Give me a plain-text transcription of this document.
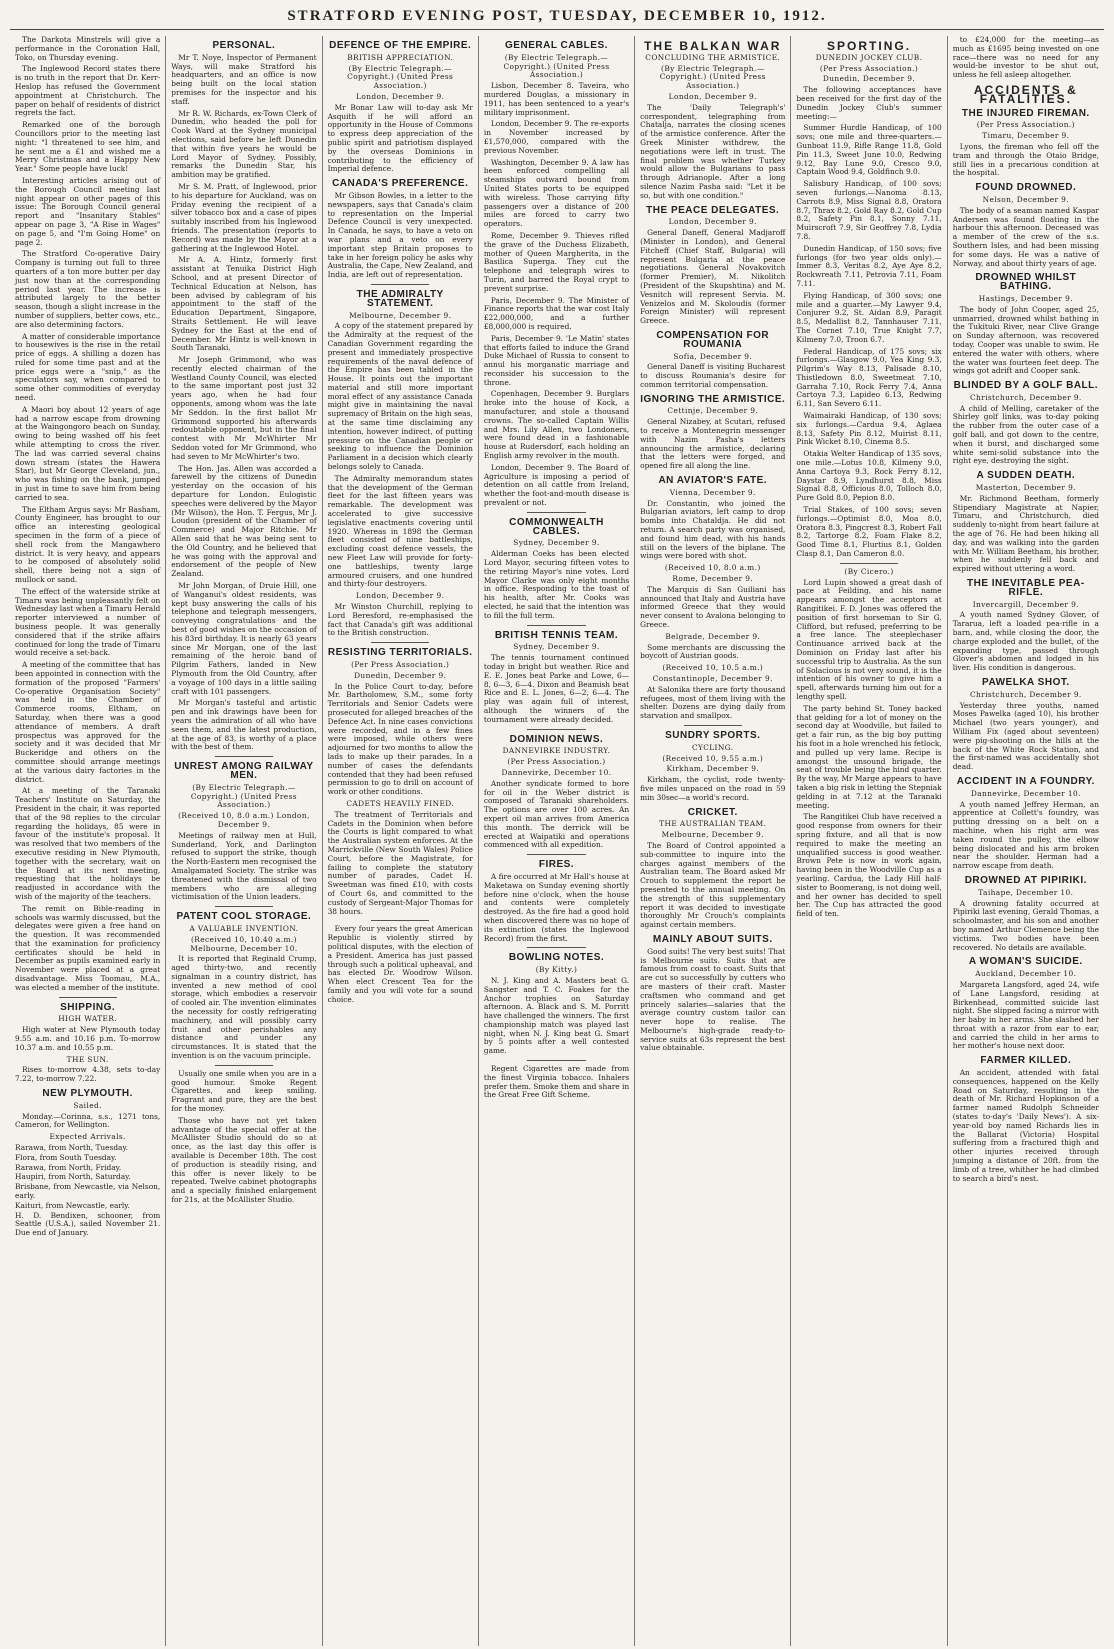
STRATFORD EVENING POST, TUESDAY, DECEMBER 10, 1912.

The Darkota Minstrels will give a performance in the Coronation Hall, Toko, on Thursday evening.

The Inglewood Record states there is no truth in the report that Dr. Kerr-Heslop has refused the Government appointment at Christchurch. The paper on behalf of residents of district regrets the fact.

Remarked one of the borough Councillors prior to the meeting last night: "I threatened to see him, and he sent me a £1 and wished me a Merry Christmas and a Happy New Year." Some people have luck!

Interesting articles arising out of the Borough Council meeting last night appear on other pages of this issue: The Borough Council general report and "Insanitary Stables" appear on page 3, "A Rise in Wages" on page 5, and "I'm Going Home" on page 2.

The Stratford Co-operative Dairy Company is turning out full to three quarters of a ton more butter per day just now than at the corresponding period last year. The increase is attributed largely to the better season, though a slight increase in the number of suppliers, better cows, etc., are also determining factors.

A matter of considerable importance to housewives is the rise in the retail price of eggs. A shilling a dozen has ruled for some time past and at the price eggs were a "snip," as the speculators say, when compared to some other commodities of everyday need.

A Maori boy about 12 years of age had a narrow escape from drowning at the Waingongoro beach on Sunday, owing to being washed off his feet while attempting to cross the river. The lad was carried several chains down stream (states the Hawera Star), but Mr George Cleveland, jun., who was fishing on the bank, jumped in just in time to save him from being carried to sea.

The Eltham Argus says: Mr Basham, County Engineer, has brought to our office an interesting geological specimen in the form of a piece of shell rock from the Mangawhero district. It is very heavy, and appears to be composed of absolutely solid shell, there being not a sign of mullock or sand.

The effect of the waterside strike at Timaru was being unpleasantly felt on Wednesday last when a Timaru Herald reporter interviewed a number of business people. It was generally considered that if the strike affairs continued for long the trade of Timaru would receive a set-back.

A meeting of the committee that has been appointed in connection with the formation of the proposed "Farmers' Co-operative Organisation Society" was held in the Chamber of Commerce rooms, Eltham, on Saturday, when there was a good attendance of members. A draft prospectus was approved for the society and it was decided that Mr Buckeridge and others on the committee should arrange meetings at the various dairy factories in the district.

At a meeting of the Taranaki Teachers' Institute on Saturday, the President in the chair, it was reported that of the 98 replies to the circular regarding the holidays, 85 were in favour of the institute's proposal. It was resolved that two members of the executive residing in New Plymouth, together with the secretary, wait on the Board at its next meeting, requesting that the holidays be readjusted in accordance with the wish of the majority of the teachers.

The remit on Bible-reading in schools was warmly discussed, but the delegates were given a free hand on the question. It was recommended that the examination for proficiency certificates should be held in December as pupils examined early in November were placed at a great disadvantage. Miss Toomau, M.A., was elected a member of the institute.

SHIPPING.
HIGH WATER.

High water at New Plymouth today 9.55 a.m. and 10.16 p.m. To-morrow 10.37 a.m. and 10.55 p.m.

THE SUN.

Rises to-morrow 4.38, sets to-day 7.22, to-morrow 7.22.

NEW PLYMOUTH.
Sailed.

Monday.—Corinna, s.s., 1271 tons, Cameron, for Wellington.

Expected Arrivals.
Rarawa, from North, Tuesday.
Flora, from South Tuesday.
Rarawa, from North, Friday.
Haupiri, from North, Saturday.
Brisbane, from Newcastle, via Nelson, early.
Kaituri, from Newcastle, early.
H. D. Bendixen, schooner, from Seattle (U.S.A.), sailed November 21. Due end of January.
PERSONAL.

Mr T. Noye, Inspector of Permanent Ways, will make Stratford his headquarters, and an office is now being built on the local station premises for the inspector and his staff.

Mr R. W. Richards, ex-Town Clerk of Dunedin, who headed the poll for Cook Ward at the Sydney municipal elections, said before he left Dunedin that within five years he would be Lord Mayor of Sydney. Possibly, remarks the Dunedin Star, his ambition may be gratified.

Mr S. M. Pratt, of Inglewood, prior to his departure for Auckland, was on Friday evening the recipient of a silver tobacco box and a case of pipes suitably inscribed from his Inglewood friends. The presentation (reports to Record) was made by the Mayor at a gathering at the Inglewood Hotel.

Mr A. A. Hintz, formerly first assistant at Tenuika District High School, and at present Director of Technical Education at Nelson, has been advised by cablegram of his appointment to the staff of the Education Department, Singapore, Straits Settlement. He will leave Sydney for the East at the end of December. Mr Hintz is well-known in South Taranaki.

Mr Joseph Grimmond, who was recently elected chairman of the Westland County Council, was elected to the same important post just 32 years ago, when he had four opponents, among whom was the late Mr Seddon. In the first ballot Mr Grimmond supported his afterwards redoubtable opponent, but in the final contest with Mr McWhirter Mr Seddon voted for Mr Grimmond, who had seven to Mr McWhirter's two.

The Hon. Jas. Allen was accorded a farewell by the citizens of Dunedin yesterday on the occasion of his departure for London. Eulogistic speeches were delivered by the Mayor (Mr Wilson), the Hon. T. Fergus, Mr J. Loudon (president of the Chamber of Commerce) and Major Ritchie. Mr Allen said that he was being sent to the Old Country, and he believed that he was going with the approval and endorsement of the people of New Zealand.

Mr John Morgan, of Druie Hill, one of Wanganui's oldest residents, was kept busy answering the calls of his telephone and telegraph messengers, conveying congratulations and the best of good wishes on the occasion of his 83rd birthday. It is nearly 63 years since Mr Morgan, one of the last remaining of the heroic band of Pilgrim Fathers, landed in New Plymouth from the Old Country, after a voyage of 100 days in a little sailing craft with 101 passengers.

Mr Morgan's tasteful and artistic pen and ink drawings have been for years the admiration of all who have seen them, and the latest production, at the age of 83, is worthy of a place with the best of them.

UNREST AMONG RAILWAY MEN.
(By Electric Telegraph.—Copyright.) (United Press Association.)
(Received 10, 8.0 a.m.) London, December 9.

Meetings of railway men at Hull, Sunderland, York, and Darlington refused to support the strike, though the North-Eastern men recognised the Amalgamated Society. The strike was threatened with the dismissal of two members who are alleging victimisation of the Union leaders.

PATENT COOL STORAGE.
A VALUABLE INVENTION.
(Received 10, 10.40 a.m.) Melbourne, December 10.

It is reported that Reginald Crump, aged thirty-two, and recently signalman in a country district, has invented a new method of cool storage, which embodies a reservoir of cooled air. The invention eliminates the necessity for costly refrigerating machinery, and will possibly carry fruit and other perishables any distance and under any circumstances. It is stated that the invention is on the vacuum principle.

Usually one smile when you are in a good humour. Smoke Regent Cigarettes, and keep smiling. Fragrant and pure, they are the best for the money.

Those who have not yet taken advantage of the special offer at the McAllister Studio should do so at once, as the last day this offer is available is December 18th. The cost of production is steadily rising, and this offer is never likely to be repeated. Twelve cabinet photographs and a specially finished enlargement for 21s, at the McAllister Studio.

DEFENCE OF THE EMPIRE.
BRITISH APPRECIATION.
(By Electric Telegraph.—Copyright.) (United Press Association.)
London, December 9.

Mr Bonar Law will to-day ask Mr Asquith if he will afford an opportunity in the House of Commons to express deep appreciation of the public spirit and patriotism displayed by the overseas Dominions in contributing to the efficiency of Imperial defence.

CANADA'S PREFERENCE.

Mr Gibson Bowles, in a letter to the newspapers, says that Canada's claim to representation on the Imperial Defence Council is very unexpected. In Canada, he says, to have a veto on war plans and a veto on every important step Britain proposes to take in her foreign policy he asks why Australia, the Cape, New Zealand, and India, are left out of representation.

THE ADMIRALTY STATEMENT.
Melbourne, December 9.

A copy of the statement prepared by the Admiralty at the request of the Canadian Government regarding the present and immediately prospective requirements of the naval defence of the Empire has been tabled in the House. It points out the important material and still more important moral effect of any assistance Canada might give in maintaining the naval supremacy of Britain on the high seas, at the same time disclaiming any intention, however indirect, of putting pressure on the Canadian people or seeking to influence the Dominion Parliament in a decision which clearly belongs solely to Canada.

The Admiralty memorandum states that the development of the German fleet for the last fifteen years was remarkable. The development was accelerated to give successive legislative enactments covering until 1920. Whereas in 1898 the German fleet consisted of nine battleships, excluding coast defence vessels, the new Fleet Law will provide for forty-one battleships, twenty large armoured cruisers, and one hundred and thirty-four destroyers.

London, December 9.

Mr Winston Churchill, replying to Lord Beresford, re-emphasised the fact that Canada's gift was additional to the British construction.

RESISTING TERRITORIALS.
(Per Press Association.)
Dunedin, December 9.

In the Police Court to-day, before Mr. Bartholomew, S.M., some forty Territorials and Senior Cadets were prosecuted for alleged breaches of the Defence Act. In nine cases convictions were recorded, and in a few fines were imposed, while others were adjourned for two months to allow the lads to make up their parades. In a number of cases the defendants contended that they had been refused permission to go to drill on account of work or other conditions.

CADETS HEAVILY FINED.

The treatment of Territorials and Cadets in the Dominion when before the Courts is light compared to what the Australian system enforces. At the Marrickville (New South Wales) Police Court, before the Magistrate, for failing to complete the statutory number of parades, Cadet H. Sweetman was fined £10, with costs of Court 6s, and committed to the custody of Sergeant-Major Thomas for 38 hours.

Every four years the great American Republic is violently stirred by political disputes, with the election of a President. America has just passed through such a political upheaval, and has elected Dr. Woodrow Wilson. When elect Crescent Tea for the family and you will vote for a sound choice.

GENERAL CABLES.
(By Electric Telegraph.—Copyright.) (United Press Association.)

Lisbon, December 8. Taveira, who murdered Douglas, a missionary in 1911, has been sentenced to a year's military imprisonment.

London, December 9. The re-exports in November increased by £1,570,000, compared with the previous November.

Washington, December 9. A law has been enforced compelling all steamships outward bound from United States ports to be equipped with wireless. Those carrying fifty passengers over a distance of 200 miles are forced to carry two operators.

Rome, December 9. Thieves rifled the grave of the Duchess Elizabeth, mother of Queen Margherita, in the Basilica Superga. They cut the telephone and telegraph wires to Turin, and barred the Royal crypt to prevent surprise.

Paris, December 9. The Minister of Finance reports that the war cost Italy £22,000,000, and a further £8,000,000 is required.

Paris, December 9. 'Le Matin' states that efforts failed to induce the Grand Duke Michael of Russia to consent to annul his morganatic marriage and reconsider his succession to the throne.

Copenhagen, December 9. Burglars broke into the house of Kock, a manufacturer, and stole a thousand crowns. The so-called Captain Willis and Mrs. Lily Allen, two Londoners, were found dead in a fashionable house at Rudersdorf, each holding an English army revolver in the mouth.

London, December 9. The Board of Agriculture is imposing a period of detention on all cattle from Ireland, whether the foot-and-mouth disease is prevalent or not.

COMMONWEALTH CABLES.
Sydney, December 9.

Alderman Coeks has been elected Lord Mayor, securing fifteen votes to the retiring Mayor's nine votes. Lord Mayor Clarke was only eight months in office. Responding to the toast of his health, after Mr. Cooks was elected, he said that the intention was to fill the full term.

BRITISH TENNIS TEAM.
Sydney, December 9.

The tennis tournament continued today in bright but weather. Rice and E. E. Jones beat Parke and Lowe, 6—8, 6—3, 6—4. Dixon and Beamish beat Rice and E. L. Jones, 6—2, 6—4. The play was again full of interest, although the winners of the tournament were already decided.

DOMINION NEWS.
DANNEVIRKE INDUSTRY.
(Per Press Association.)
Dannevirke, December 10.

Another syndicate formed to bore for oil in the Weber district is composed of Taranaki shareholders. The options are over 100 acres. An expert oil man arrives from America this month. The derrick will be erected at Waipatiki and operations commenced with all expedition.

FIRES.

A fire occurred at Mr Hall's house at Maketawa on Sunday evening shortly before nine o'clock, when the house and contents were completely destroyed. As the fire had a good hold when discovered there was no hope of its extinction (states the Inglewood Record) from the first.

BOWLING NOTES.
(By Kitty.)

N. J. King and A. Masters beat G. Sangster and T. C. Foakes for the Anchor trophies on Saturday afternoon. A. Black and S. M. Porritt have challenged the winners. The first championship match was played last night, when N. J. King beat G. Smart by 5 points after a well contested game.

Regent Cigarettes are made from the finest Virginia tobacco. Inhalers prefer them. Smoke them and share in the Great Free Gift Scheme.

THE BALKAN WAR
CONCLUDING THE ARMISTICE.
(By Electric Telegraph.—Copyright.) (United Press Association.)
London, December 9.

The 'Daily Telegraph's' correspondent, telegraphing from Chatalja, narrates the closing scenes of the armistice conference. After the Greek Minister withdrew, the negotiations were left in trust. The final problem was whether Turkey would allow the Bulgarians to pass through Adrianople. After a long silence Nazim Pasha said: "Let it be so, but with one condition."

THE PEACE DELEGATES.
London, December 9.

General Daneff, General Madjaroff (Minister in London), and General Fitcheff (Chief Staff, Bulgaria) will represent Bulgaria at the peace negotiations. General Novakovitch (former Premier), M. Nikolitch (President of the Skupshtina) and M. Vesnitch will represent Servia. M. Venizelos and M. Skoloudis (former Foreign Minister) will represent Greece.

COMPENSATION FOR ROUMANIA
Sofia, December 9.

General Daneff is visiting Bucharest to discuss Roumania's desire for common territorial compensation.

IGNORING THE ARMISTICE.
Cettinje, December 9.

General Nizabey, at Scutari, refused to receive a Montenegrin messenger with Nazim Pasha's letters announcing the armistice, declaring that the letters were forged, and opened fire all along the line.

AN AVIATOR'S FATE.
Vienna, December 9.

Dr. Constantin, who joined the Bulgarian aviators, left camp to drop bombs into Chataldja. He did not return. A search party was organised, and found him dead, with his hands still on the levers of the biplane. The wings were bored with shot.

(Received 10, 8.0 a.m.)
Rome, December 9.

The Marquis di San Guiliani has announced that Italy and Austria have informed Greece that they would never consent to Avalona belonging to Greece.

Belgrade, December 9.

Some merchants are discussing the boycott of Austrian goods.

(Received 10, 10.5 a.m.)
Constantinople, December 9.

At Salonika there are forty thousand refugees, most of them living with the shelter. Dozens are dying daily from starvation and smallpox.

SUNDRY SPORTS.
CYCLING.
(Received 10, 9.55 a.m.)
Kirkham, December 9.

Kirkham, the cyclist, rode twenty-five miles unpaced on the road in 59 min 30sec—a world's record.

CRICKET.
THE AUSTRALIAN TEAM.
Melbourne, December 9.

The Board of Control appointed a sub-committee to inquire into the charges against members of the Australian team. The Board asked Mr Crouch to supplement the report he presented to the annual meeting. On the strength of this supplementary report it was decided to investigate thoroughly Mr Crouch's complaints against certain members.

MAINLY ABOUT SUITS.

Good suits! The very best suits! That is Melbourne suits. Suits that are famous from coast to coast. Suits that are cut so successfully by cutters who are masters of their craft. Master craftsmen who command and get princely salaries—salaries that the average country custom tailor can never hope to realise. The Melbourne's high-grade ready-to-service suits at 63s represent the best value obtainable.

SPORTING.
DUNEDIN JOCKEY CLUB.
(Per Press Association.)
Dunedin, December 9.

The following acceptances have been received for the first day of the Dunedin Jockey Club's summer meeting:—

Summer Hurdle Handicap, of 100 sovs; one mile and three-quarters.—Gunboat 11.9, Rifle Range 11.8, Gold Pin 11.3, Sweet June 10.0, Redwing 9.12, Bay Lune 9.0, Cresco 9.0, Captain Wood 9.4, Goldfinch 9.0.

Salisbury Handicap, of 100 sovs; seven furlongs.—Nanoma 8.13, Carrots 8.9, Miss Signal 8.8, Oratora 8.7, Thrax 8.2, Gold Ray 8.2, Gold Cup 8.2, Safety Pin 8.1, Sonny 7.11, Muirscroft 7.9, Sir Geoffrey 7.8, Lydia 7.8.

Dunedin Handicap, of 150 sovs; five furlongs (for two year olds only).—Immer 8.3, Veritas 8.2, Aye Aye 8.2, Rockwreath 7.11, Petrovia 7.11, Foam 7.11.

Flying Handicap, of 300 sovs; one mile and a quarter.—My Lawyer 9.4, Conjurer 9.2, St. Aidan 8.9, Paragit 8.5, Medallist 8.2, Tannhauser 7.11, The Cornet 7.10, True Knight 7.7, Kilmeny 7.0, Troon 6.7.

Federal Handicap, of 175 sovs; six furlongs.—Glasgow 9.0, Yea King 9.3, Pilgrim's Way 8.13, Palisade 8.10, Thistledown 8.0, Sweetmeat 7.10, Garraha 7.10, Rock Ferry 7.4, Anna Cartoya 7.3, Lapideo 6.13, Redwing 6.11, San Severo 6.11.

Waimairaki Handicap, of 130 sovs; six furlongs.—Cardua 9.4, Aglaea 8.13, Safety Pin 8.12, Muirist 8.11, Pink Wicket 8.10, Cinema 8.5.

Otakia Welter Handicap of 135 sovs, one mile.—Lotus 10.8, Kilmeny 9.0, Anna Cartoya 9.3, Rock Ferry 8.12, Daystar 8.9, Lyndhurst 8.8, Miss Signal 8.8, Officious 8.0, Tolloch 8.0, Pure Gold 8.0, Pepion 8.0.

Trial Stakes, of 100 sovs; seven furlongs.—Optimist 8.0, Moa 8.0, Oratora 8.3, Pingcrest 8.3, Robert Fall 8.2, Tartorge 8.2, Foam Flake 8.2, Good Time 8.1, Flurtius 8.1, Golden Clasp 8.1, Dan Cameron 8.0.

(By Cicero.)

Lord Lupin showed a great dash of pace at Feilding, and his name appears amongst the acceptors at Rangitikei. F. D. Jones was offered the position of first horseman to Sir G. Clifford, but refused, preferring to be a free lance. The steeplechaser Continuance arrived back at the Dominion on Friday last after his successful trip to Australia. As the sun of Solacious is not very sound, it is the intention of his owner to give him a spell, afterwards turning him out for a lengthy spell.

The party behind St. Toney backed that gelding for a lot of money on the second day at Woodville, but failed to get a fair run, as the big boy putting his foot in a hole wrenched his fetlock, and pulled up very lame. Recipe is amongst the unsound brigade, the seat of trouble being the hind quarter. By the way, Mr Marge appears to have taken a big risk in letting the Stepniak gelding in at 7.12 at the Taranaki meeting.

The Rangitikei Club have received a good response from owners for their spring fixture, and all that is now required to make the meeting an unqualified success is good weather. Brown Pete is now in work again, having been in the Woodville Cup as a yearling. Cardua, the Lady Hill half-sister to Boomerang, is not doing well, and her owner has decided to spell her. The Cup has attracted the good field of ten.

to £24,000 for the meeting—as much as £1695 being invested on one race—there was no need for any would-be investor to be shut out, unless he fell asleep altogether.

ACCIDENTS & FATALITIES.
THE INJURED FIREMAN.
(Per Press Association.)
Timaru, December 9.

Lyons, the fireman who fell off the tram and through the Otaio Bridge, still lies in a precarious condition at the hospital.

FOUND DROWNED.
Nelson, December 9.

The body of a seaman named Kaspar Andersen was found floating in the harbour this afternoon. Deceased was a member of the crew of the s.s. Southern Isles, and had been missing for some days. He was a native of Norway, and about thirty years of age.

DROWNED WHILST BATHING.
Hastings, December 9.

The body of John Cooper, aged 25, unmarried, drowned whilst bathing in the Tukituki River, near Clive Grange on Sunday afternoon, was recovered today. Cooper was unable to swim. He entered the water with others, where the water was fourteen feet deep. The wings got adrift and Cooper sank.

BLINDED BY A GOLF BALL.
Christchurch, December 9.

A child of Melling, caretaker of the Shirley golf links, was to-day poking the rubber from the outer case of a golf ball, and got down to the centre, when it burst, and discharged some white semi-solid substance into the right eye, destroying the sight.

A SUDDEN DEATH.
Masterton, December 9.

Mr. Richmond Beetham, formerly Stipendiary Magistrate at Napier, Timaru, and Christchurch, died suddenly to-night from heart failure at the age of 76. He had been hiking all day, and was walking into the garden with Mr. William Beetham, his brother, when he suddenly fell back and expired without uttering a word.

THE INEVITABLE PEA-RIFLE.
Invercargill, December 9.

A youth named Sydney Glover, of Tararua, left a loaded pea-rifle in a barn, and, while closing the door, the charge exploded and the bullet, of the expanding type, passed through Glover's abdomen and lodged in his liver. His condition is dangerous.

PAWELKA SHOT.
Christchurch, December 9.

Yesterday three youths, named Moses Pawelka (aged 10), his brother Michael (two years younger), and William Fix (aged about seventeen) were pig-shooting on the hills at the back of the White Rock Station, and the first-named was accidentally shot dead.

ACCIDENT IN A FOUNDRY.
Dannevirke, December 10.

A youth named Jeffrey Herman, an apprentice at Collett's foundry, was putting dressing on a belt on a machine, when his right arm was taken round the pulley, the elbow being dislocated and his arm broken near the shoulder. Herman had a narrow escape from death.

DROWNED AT PIPIRIKI.
Taihape, December 10.

A drowning fatality occurred at Pipiriki last evening, Gerald Thomas, a schoolmaster, and his son and another boy named Arthur Clemence being the victims. Two bodies have been recovered. No details are available.

A WOMAN'S SUICIDE.
Auckland, December 10.

Margareta Langsford, aged 24, wife of Lane Langsford, residing at Birkenhead, committed suicide last night. She slipped facing a mirror with her baby in her arms. She slashed her throat with a razor from ear to ear, and carried the child in her arms to her mother's house next door.

FARMER KILLED.

An accident, attended with fatal consequences, happened on the Kelly Road on Saturday, resulting in the death of Mr. Richard Hopkinson of a farmer named Rudolph Schneider (states to-day's 'Daily News'). A six-year-old boy named Richards lies in the Ballarat (Victoria) Hospital suffering from a fractured thigh and other injuries received through jumping a distance of 20ft. from the limb of a tree, whither he had climbed to search a bird's nest.
